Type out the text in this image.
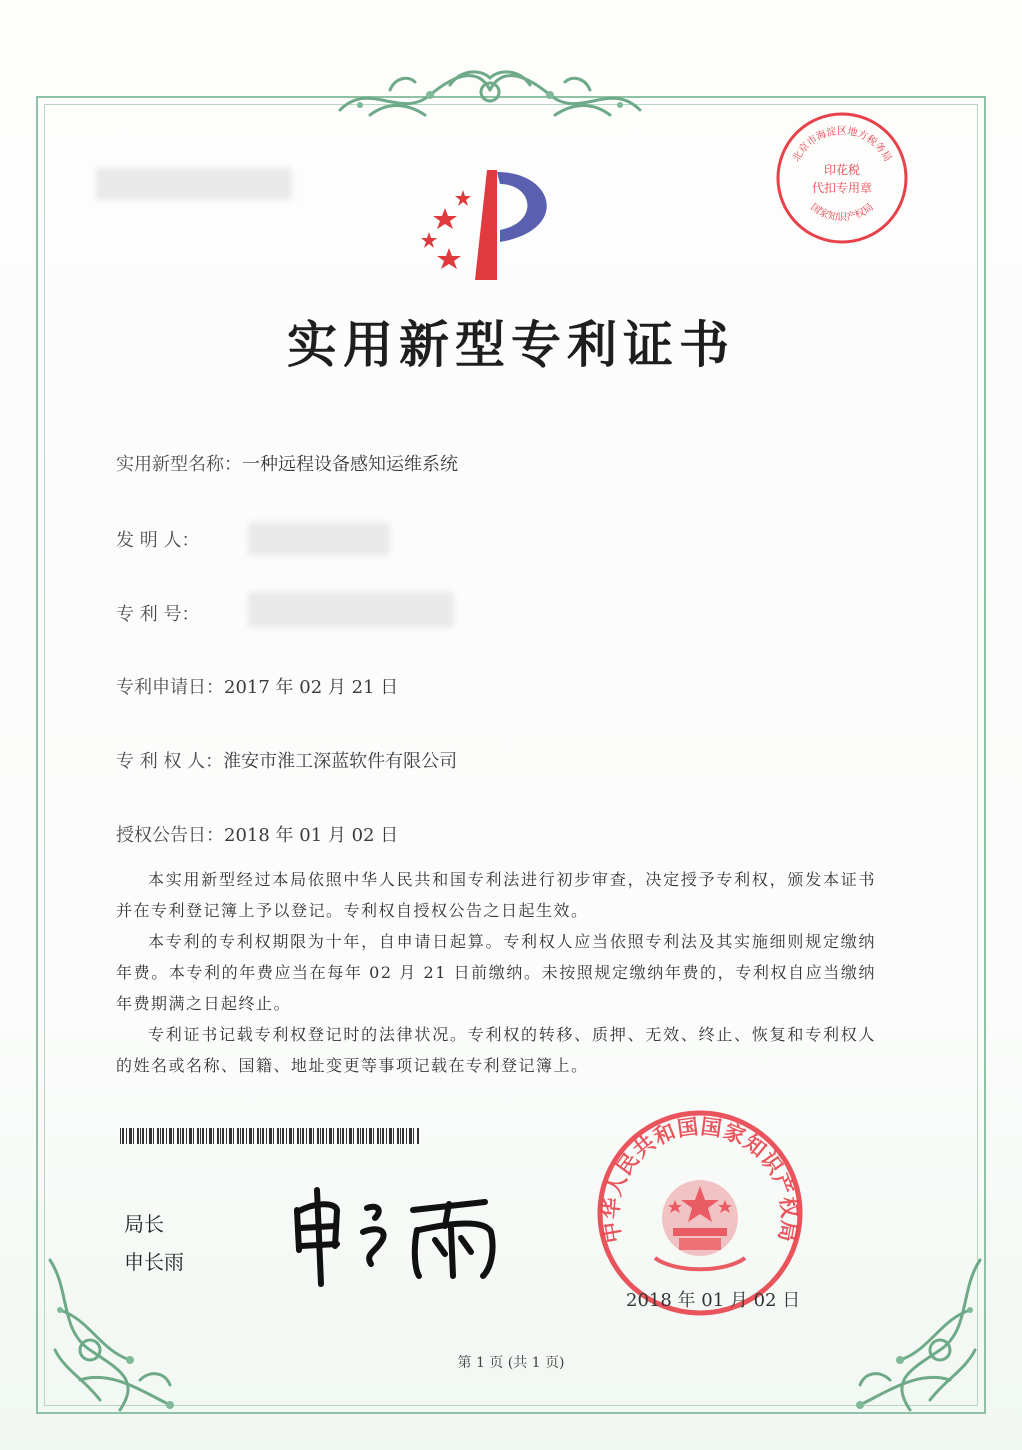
北京市海淀区地方税务局
国家知识产权局
印花税
代扣专用章
实用新型专利证书
实用新型名称：一种远程设备感知运维系统
发 明 人：
专 利 号：
专利申请日：2017 年 02 月 21 日
专 利 权 人：淮安市淮工深蓝软件有限公司
授权公告日：2018 年 01 月 02 日

本实用新型经过本局依照中华人民共和国专利法进行初步审查，决定授予专利权，颁发本证书并在专利登记簿上予以登记。专利权自授权公告之日起生效。

本专利的专利权期限为十年，自申请日起算。专利权人应当依照专利法及其实施细则规定缴纳年费。本专利的年费应当在每年 02 月 21 日前缴纳。未按照规定缴纳年费的，专利权自应当缴纳年费期满之日起终止。

专利证书记载专利权登记时的法律状况。专利权的转移、质押、无效、终止、恢复和专利权人的姓名或名称、国籍、地址变更等事项记载在专利登记簿上。

局长
申长雨
中华人民共和国国家知识产权局
2018 年 01 月 02 日
第 1 页 (共 1 页)
